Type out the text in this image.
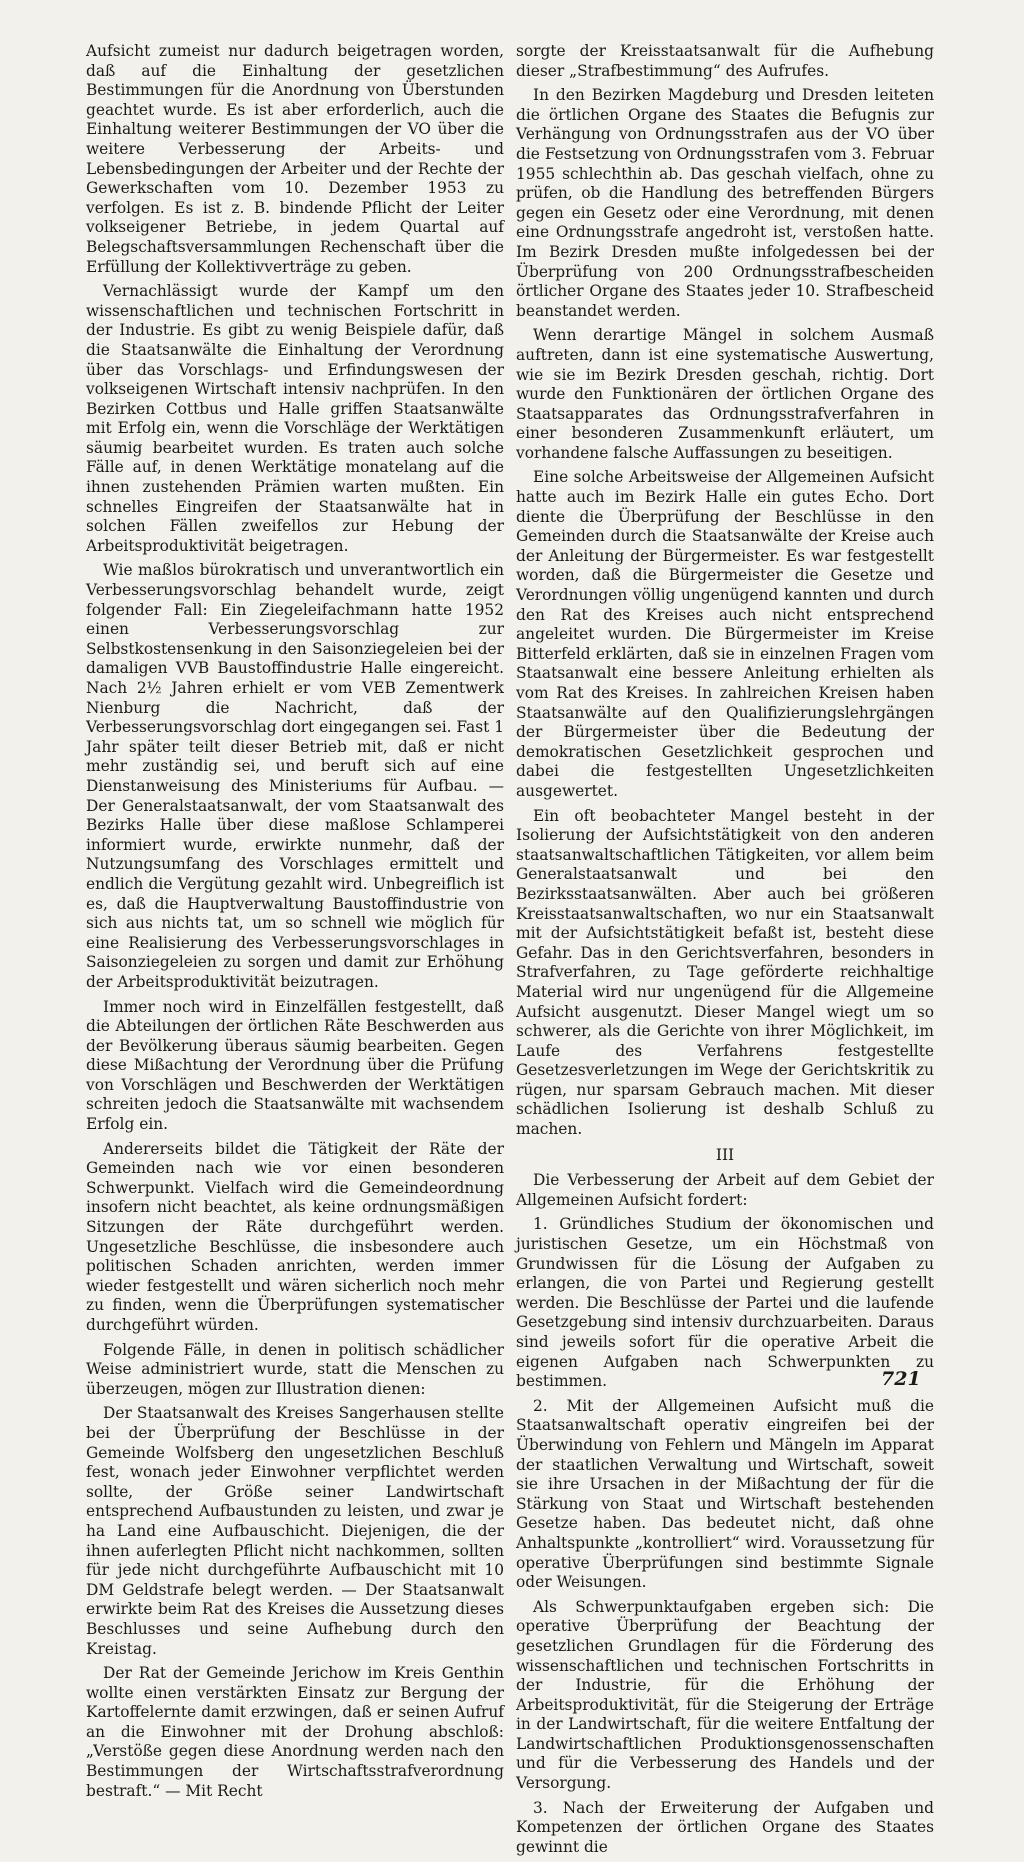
Aufsicht zumeist nur dadurch beigetragen worden, daß auf die Einhaltung der gesetzlichen Bestimmungen für die Anordnung von Überstunden geachtet wurde. Es ist aber erforderlich, auch die Einhaltung weiterer Bestimmungen der VO über die weitere Verbesserung der Arbeits- und Lebensbedingungen der Arbeiter und der Rechte der Gewerkschaften vom 10. Dezember 1953 zu verfolgen. Es ist z. B. bindende Pflicht der Leiter volkseigener Betriebe, in jedem Quartal auf Belegschaftsversammlungen Rechenschaft über die Erfüllung der Kollektivverträge zu geben.

Vernachlässigt wurde der Kampf um den wissenschaftlichen und technischen Fortschritt in der Industrie. Es gibt zu wenig Beispiele dafür, daß die Staatsanwälte die Einhaltung der Verordnung über das Vorschlags- und Erfindungswesen der volkseigenen Wirtschaft intensiv nachprüfen. In den Bezirken Cottbus und Halle griffen Staatsanwälte mit Erfolg ein, wenn die Vorschläge der Werktätigen säumig bearbeitet wurden. Es traten auch solche Fälle auf, in denen Werktätige monatelang auf die ihnen zustehenden Prämien warten mußten. Ein schnelles Eingreifen der Staatsanwälte hat in solchen Fällen zweifellos zur Hebung der Arbeitsproduktivität beigetragen.

Wie maßlos bürokratisch und unverantwortlich ein Verbesserungsvorschlag behandelt wurde, zeigt folgender Fall: Ein Ziegeleifachmann hatte 1952 einen Verbesserungsvorschlag zur Selbstkostensenkung in den Saisonziegeleien bei der damaligen VVB Baustoffindustrie Halle eingereicht. Nach 2½ Jahren erhielt er vom VEB Zementwerk Nienburg die Nachricht, daß der Verbesserungsvorschlag dort eingegangen sei. Fast 1 Jahr später teilt dieser Betrieb mit, daß er nicht mehr zuständig sei, und beruft sich auf eine Dienstanweisung des Ministeriums für Aufbau. — Der Generalstaatsanwalt, der vom Staatsanwalt des Bezirks Halle über diese maßlose Schlamperei informiert wurde, erwirkte nunmehr, daß der Nutzungsumfang des Vorschlages ermittelt und endlich die Vergütung gezahlt wird. Unbegreiflich ist es, daß die Hauptverwaltung Baustoffindustrie von sich aus nichts tat, um so schnell wie möglich für eine Realisierung des Verbesserungsvorschlages in Saisonziegeleien zu sorgen und damit zur Erhöhung der Arbeitsproduktivität beizutragen.

Immer noch wird in Einzelfällen festgestellt, daß die Abteilungen der örtlichen Räte Beschwerden aus der Bevölkerung überaus säumig bearbeiten. Gegen diese Mißachtung der Verordnung über die Prüfung von Vorschlägen und Beschwerden der Werktätigen schreiten jedoch die Staatsanwälte mit wachsendem Erfolg ein.

Andererseits bildet die Tätigkeit der Räte der Gemeinden nach wie vor einen besonderen Schwerpunkt. Vielfach wird die Gemeindeordnung insofern nicht beachtet, als keine ordnungsmäßigen Sitzungen der Räte durchgeführt werden. Ungesetzliche Beschlüsse, die insbesondere auch politischen Schaden anrichten, werden immer wieder festgestellt und wären sicherlich noch mehr zu finden, wenn die Überprüfungen systematischer durchgeführt würden.

Folgende Fälle, in denen in politisch schädlicher Weise administriert wurde, statt die Menschen zu überzeugen, mögen zur Illustration dienen:

Der Staatsanwalt des Kreises Sangerhausen stellte bei der Überprüfung der Beschlüsse in der Gemeinde Wolfsberg den ungesetzlichen Beschluß fest, wonach jeder Einwohner verpflichtet werden sollte, der Größe seiner Landwirtschaft entsprechend Aufbaustunden zu leisten, und zwar je ha Land eine Aufbauschicht. Diejenigen, die der ihnen auferlegten Pflicht nicht nachkommen, sollten für jede nicht durchgeführte Aufbauschicht mit 10 DM Geldstrafe belegt werden. — Der Staatsanwalt erwirkte beim Rat des Kreises die Aussetzung dieses Beschlusses und seine Aufhebung durch den Kreistag.

Der Rat der Gemeinde Jerichow im Kreis Genthin wollte einen verstärkten Einsatz zur Bergung der Kartoffelernte damit erzwingen, daß er seinen Aufruf an die Einwohner mit der Drohung abschloß: „Verstöße gegen diese Anordnung werden nach den Bestimmungen der Wirtschaftsstrafverordnung bestraft.“ — Mit Recht

sorgte der Kreisstaatsanwalt für die Aufhebung dieser „Strafbestimmung“ des Aufrufes.

In den Bezirken Magdeburg und Dresden leiteten die örtlichen Organe des Staates die Befugnis zur Verhängung von Ordnungsstrafen aus der VO über die Festsetzung von Ordnungsstrafen vom 3. Februar 1955 schlechthin ab. Das geschah vielfach, ohne zu prüfen, ob die Handlung des betreffenden Bürgers gegen ein Gesetz oder eine Verordnung, mit denen eine Ordnungsstrafe angedroht ist, verstoßen hatte. Im Bezirk Dresden mußte infolgedessen bei der Überprüfung von 200 Ordnungsstrafbescheiden örtlicher Organe des Staates jeder 10. Strafbescheid beanstandet werden.

Wenn derartige Mängel in solchem Ausmaß auftreten, dann ist eine systematische Auswertung, wie sie im Bezirk Dresden geschah, richtig. Dort wurde den Funktionären der örtlichen Organe des Staatsapparates das Ordnungsstrafverfahren in einer besonderen Zusammenkunft erläutert, um vorhandene falsche Auffassungen zu beseitigen.

Eine solche Arbeitsweise der Allgemeinen Aufsicht hatte auch im Bezirk Halle ein gutes Echo. Dort diente die Überprüfung der Beschlüsse in den Gemeinden durch die Staatsanwälte der Kreise auch der Anleitung der Bürgermeister. Es war festgestellt worden, daß die Bürgermeister die Gesetze und Verordnungen völlig ungenügend kannten und durch den Rat des Kreises auch nicht entsprechend angeleitet wurden. Die Bürgermeister im Kreise Bitterfeld erklärten, daß sie in einzelnen Fragen vom Staatsanwalt eine bessere Anleitung erhielten als vom Rat des Kreises. In zahlreichen Kreisen haben Staatsanwälte auf den Qualifizierungslehrgängen der Bürgermeister über die Bedeutung der demokratischen Gesetzlichkeit gesprochen und dabei die festgestellten Ungesetzlichkeiten ausgewertet.

Ein oft beobachteter Mangel besteht in der Isolierung der Aufsichtstätigkeit von den anderen staatsanwaltschaftlichen Tätigkeiten, vor allem beim Generalstaatsanwalt und bei den Bezirksstaatsanwälten. Aber auch bei größeren Kreisstaatsanwaltschaften, wo nur ein Staatsanwalt mit der Aufsichtstätigkeit befaßt ist, besteht diese Gefahr. Das in den Gerichtsverfahren, besonders in Strafverfahren, zu Tage geförderte reichhaltige Material wird nur ungenügend für die Allgemeine Aufsicht ausgenutzt. Dieser Mangel wiegt um so schwerer, als die Gerichte von ihrer Möglichkeit, im Laufe des Verfahrens festgestellte Gesetzesverletzungen im Wege der Gerichtskritik zu rügen, nur sparsam Gebrauch machen. Mit dieser schädlichen Isolierung ist deshalb Schluß zu machen.

III

Die Verbesserung der Arbeit auf dem Gebiet der Allgemeinen Aufsicht fordert:

1. Gründliches Studium der ökonomischen und juristischen Gesetze, um ein Höchstmaß von Grundwissen für die Lösung der Aufgaben zu erlangen, die von Partei und Regierung gestellt werden. Die Beschlüsse der Partei und die laufende Gesetzgebung sind intensiv durchzuarbeiten. Daraus sind jeweils sofort für die operative Arbeit die eigenen Aufgaben nach Schwerpunkten zu bestimmen.

2. Mit der Allgemeinen Aufsicht muß die Staatsanwaltschaft operativ eingreifen bei der Überwindung von Fehlern und Mängeln im Apparat der staatlichen Verwaltung und Wirtschaft, soweit sie ihre Ursachen in der Mißachtung der für die Stärkung von Staat und Wirtschaft bestehenden Gesetze haben. Das bedeutet nicht, daß ohne Anhaltspunkte „kontrolliert“ wird. Voraussetzung für operative Überprüfungen sind bestimmte Signale oder Weisungen.

Als Schwerpunktaufgaben ergeben sich: Die operative Überprüfung der Beachtung der gesetzlichen Grundlagen für die Förderung des wissenschaftlichen und technischen Fortschritts in der Industrie, für die Erhöhung der Arbeitsproduktivität, für die Steigerung der Erträge in der Landwirtschaft, für die weitere Entfaltung der Landwirtschaftlichen Produktionsgenossenschaften und für die Verbesserung des Handels und der Versorgung.

3. Nach der Erweiterung der Aufgaben und Kompetenzen der örtlichen Organe des Staates gewinnt die

721
